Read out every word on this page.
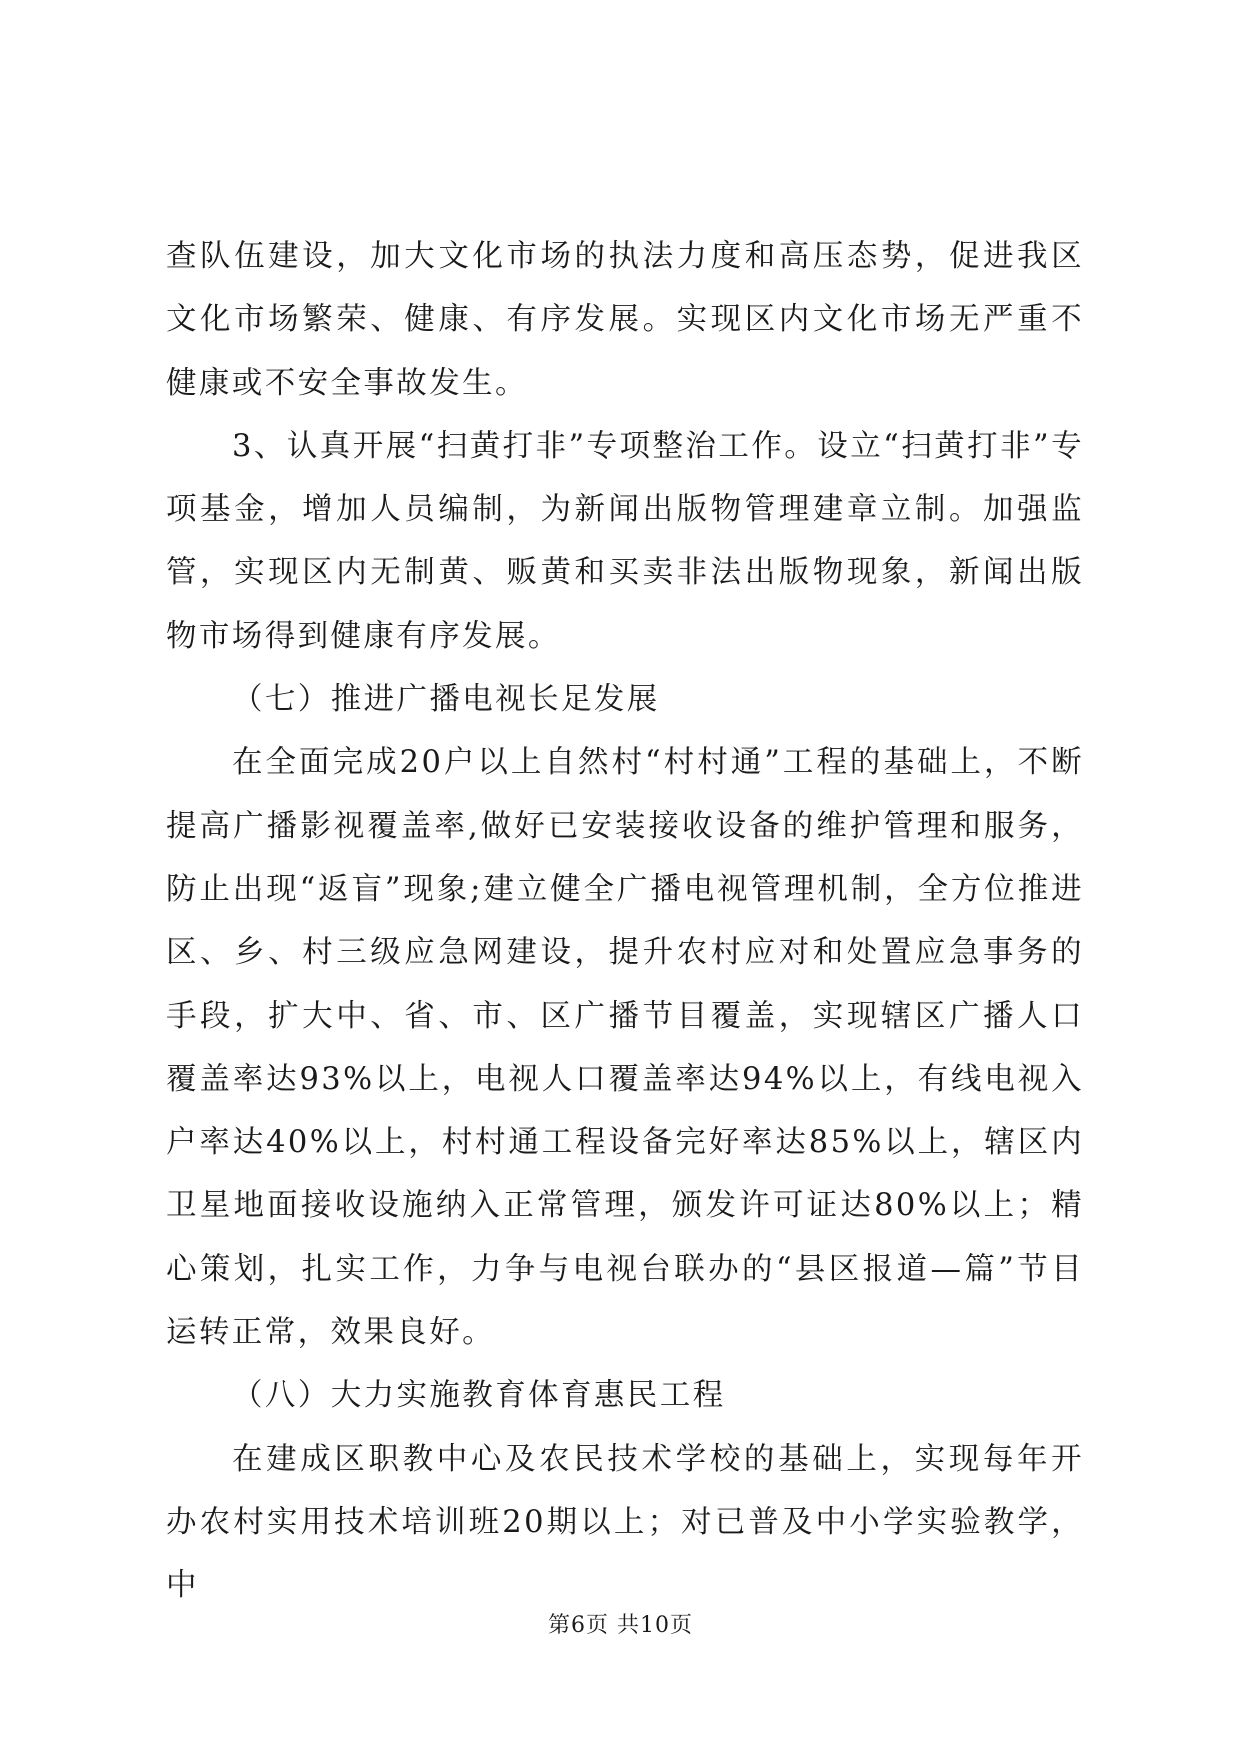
查队伍建设，加大文化市场的执法力度和高压态势，促进我区文化市场繁荣、健康、有序发展。实现区内文化市场无严重不健康或不安全事故发生。

3、认真开展“扫黄打非”专项整治工作。设立“扫黄打非”专项基金，增加人员编制，为新闻出版物管理建章立制。加强监管，实现区内无制黄、贩黄和买卖非法出版物现象，新闻出版物市场得到健康有序发展。

（七）推进广播电视长足发展

在全面完成20户以上自然村“村村通”工程的基础上，不断提高广播影视覆盖率,做好已安装接收设备的维护管理和服务，防止出现“返盲”现象;建立健全广播电视管理机制，全方位推进区、乡、村三级应急网建设，提升农村应对和处置应急事务的手段，扩大中、省、市、区广播节目覆盖，实现辖区广播人口覆盖率达93%以上，电视人口覆盖率达94%以上，有线电视入户率达40%以上，村村通工程设备完好率达85%以上，辖区内卫星地面接收设施纳入正常管理，颁发许可证达80%以上；精心策划，扎实工作，力争与电视台联办的“县区报道—篇”节目运转正常，效果良好。

（八）大力实施教育体育惠民工程

在建成区职教中心及农民技术学校的基础上，实现每年开办农村实用技术培训班20期以上；对已普及中小学实验教学，中

第6页 共10页
